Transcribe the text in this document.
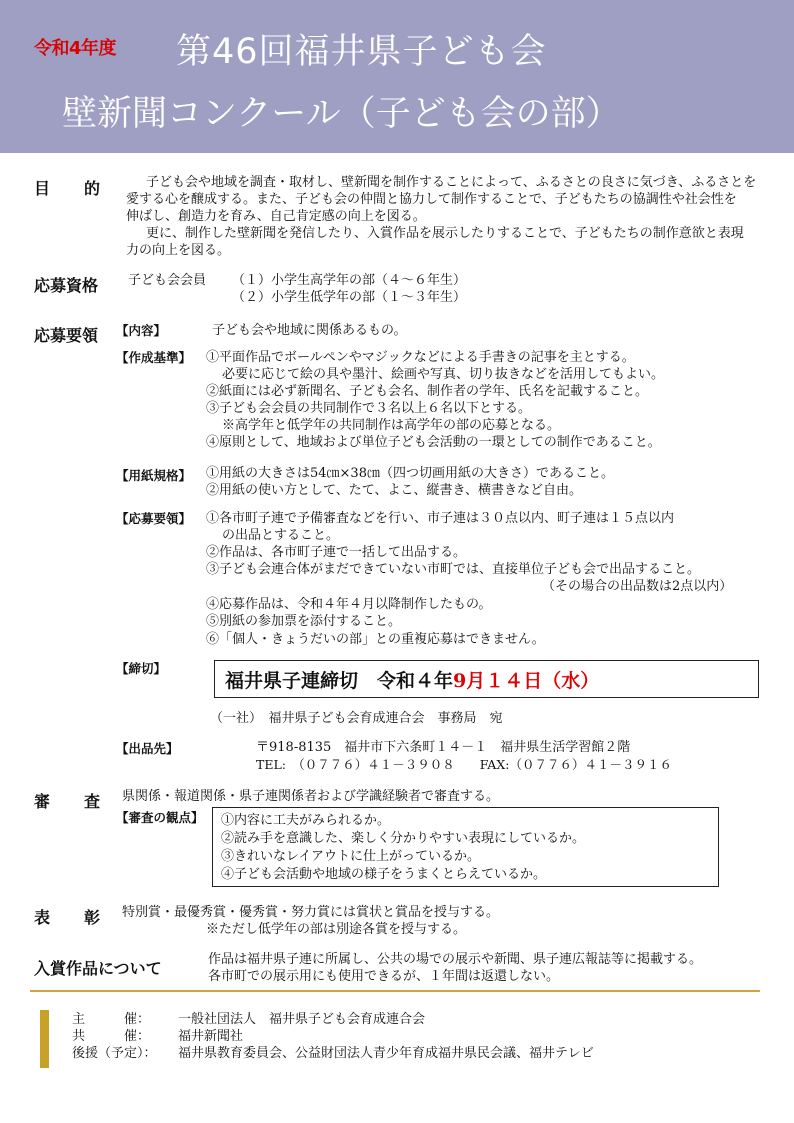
令和4年度 第46回福井県子ども会
壁新聞コンクール（子ども会の部）
目的 子ども会や地域を調査・取材し、壁新聞を制作することによって、ふるさとの良さに気づき、ふるさとを
愛する心を醸成する。また、子ども会の仲間と協力して制作することで、子どもたちの協調性や社会性を
伸ばし、創造力を育み、自己肯定感の向上を図る。
更に、制作した壁新聞を発信したり、入賞作品を展示したりすることで、子どもたちの制作意欲と表現
力の向上を図る。
応募資格 子ども会会員 （１）小学生高学年の部（４～６年生）
（２）小学生低学年の部（１～３年生）
応募要領 【内容】	子ども会や地域に関係あるもの。
【作成基準】 ①平面作品でボールペンやマジックなどによる手書きの記事を主とする。
必要に応じて絵の具や墨汁、絵画や写真、切り抜きなどを活用してもよい。
②紙面には必ず新聞名、子ども会名、制作者の学年、氏名を記載すること。
③子ども会会員の共同制作で３名以上６名以下とする。
※高学年と低学年の共同制作は高学年の部の応募となる。
④原則として、地域および単位子ども会活動の一環としての制作であること。
【用紙規格】 ①用紙の大きさは54㎝×38㎝（四つ切画用紙の大きさ）であること。
②用紙の使い方として、たて、よこ、縦書き、横書きなど自由。
【応募要領】 ①各市町子連で予備審査などを行い、市子連は３０点以内、町子連は１５点以内
の出品とすること。
②作品は、各市町子連で一括して出品する。
③子ども会連合体がまだできていない市町では、直接単位子ども会で出品すること。
（その場合の出品数は2点以内）
④応募作品は、令和４年４月以降制作したもの。
⑤別紙の参加票を添付すること。
⑥「個人・きょうだいの部」との重複応募はできません。
【締切】
福井県子連締切　令和４年9月１４日（水）
（一社）　福井県子ども会育成連合会　事務局　宛
【出品先】	〒918-8135　福井市下六条町１４－１　福井県生活学習館２階
TEL:　（０７７６）４１－３９０８　　FAX:（０７７６）４１－３９１６
審査
県関係・報道関係・県子連関係者および学識経験者で審査する。
【審査の観点】 ①内容に工夫がみられるか。
②読み手を意識した、楽しく分かりやすい表現にしているか。
③きれいなレイアウトに仕上がっているか。
④子ども会活動や地域の様子をうまくとらえているか。
表彰
特別賞・最優秀賞・優秀賞・努力賞には賞状と賞品を授与する。
※ただし低学年の部は別途各賞を授与する。
入賞作品について	作品は福井県子連に所属し、公共の場での展示や新聞、県子連広報誌等に掲載する。
各市町での展示用にも使用できるが、１年間は返還しない。
主　　　催： 一般社団法人　福井県子ども会育成連合会
共　　　催： 福井新聞社
後援（予定）： 福井県教育委員会、公益財団法人青少年育成福井県民会議、福井テレビ
